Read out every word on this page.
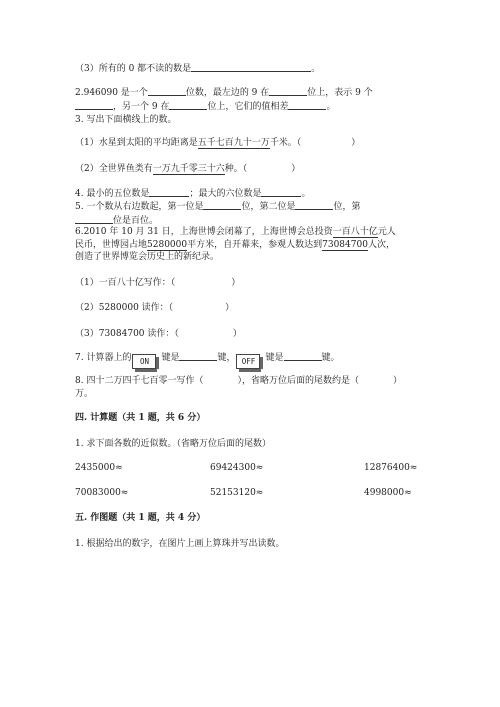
（3）所有的 0 都不读的数是	。
2.946090 是一个	位数，最左边的 9 在	位上，表示 9 个
，另一个 9 在	位上，它们的值相差	。
3. 写出下面横线上的数。
（1）水星到太阳的平均距离是五千七百九十一万千米。（	）
（2）全世界鱼类有一万九千零三十六种。（	）
4. 最小的五位数是	；最大的六位数是	。
5. 一个数从右边数起，第一位是	位，第二位是	位，第
位是百位。
6.2010 年 10 月 31 日，上海世博会闭幕了，上海世博会总投资一百八十亿元人
民币，世博园占地5280000平方米，自开幕来，参观人数达到73084700人次，
创造了世界博览会历史上的新纪录。
（1）一百八十亿写作：（	）
（2）5280000 读作：（	）
（3）73084700 读作：（	）
7. 计算器上的 ON 键是	键， OFF 键是	键。
8. 四十二万四千七百零一写作（	），省略万位后面的尾数约是（	）
万。
四. 计算题（共 1 题，共 6 分）
1. 求下面各数的近似数。（省略万位后面的尾数）
2435000≈	69424300≈	12876400≈
70083000≈	52153120≈	4998000≈
五. 作图题（共 1 题，共 4 分）
1. 根据给出的数字，在图片上画上算珠并写出读数。
